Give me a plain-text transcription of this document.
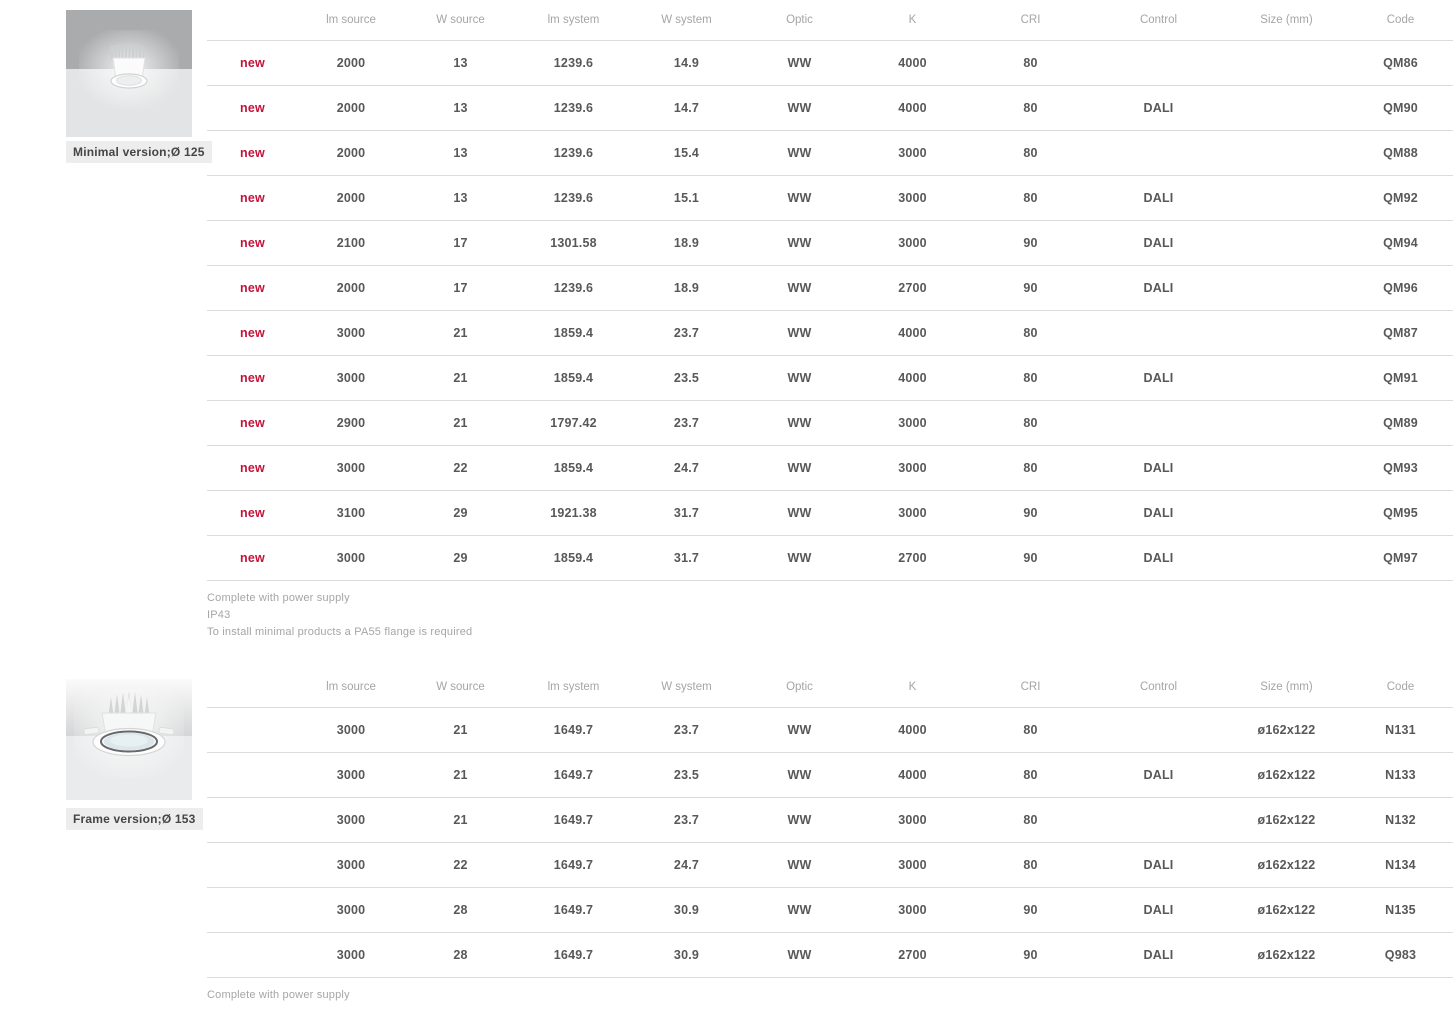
Minimal version;Ø 125
Frame version;Ø 153
	lm source	W source	lm system	W system	Optic	K	CRI	Control	Size (mm)	Code
new	2000	13	1239.6	14.9	WW	4000	80			QM86
new	2000	13	1239.6	14.7	WW	4000	80	DALI		QM90
new	2000	13	1239.6	15.4	WW	3000	80			QM88
new	2000	13	1239.6	15.1	WW	3000	80	DALI		QM92
new	2100	17	1301.58	18.9	WW	3000	90	DALI		QM94
new	2000	17	1239.6	18.9	WW	2700	90	DALI		QM96
new	3000	21	1859.4	23.7	WW	4000	80			QM87
new	3000	21	1859.4	23.5	WW	4000	80	DALI		QM91
new	2900	21	1797.42	23.7	WW	3000	80			QM89
new	3000	22	1859.4	24.7	WW	3000	80	DALI		QM93
new	3100	29	1921.38	31.7	WW	3000	90	DALI		QM95
new	3000	29	1859.4	31.7	WW	2700	90	DALI		QM97
Complete with power supply
IP43
To install minimal products a PA55 flange is required
	lm source	W source	lm system	W system	Optic	K	CRI	Control	Size (mm)	Code
	3000	21	1649.7	23.7	WW	4000	80		ø162x122	N131
	3000	21	1649.7	23.5	WW	4000	80	DALI	ø162x122	N133
	3000	21	1649.7	23.7	WW	3000	80		ø162x122	N132
	3000	22	1649.7	24.7	WW	3000	80	DALI	ø162x122	N134
	3000	28	1649.7	30.9	WW	3000	90	DALI	ø162x122	N135
	3000	28	1649.7	30.9	WW	2700	90	DALI	ø162x122	Q983
Complete with power supply
